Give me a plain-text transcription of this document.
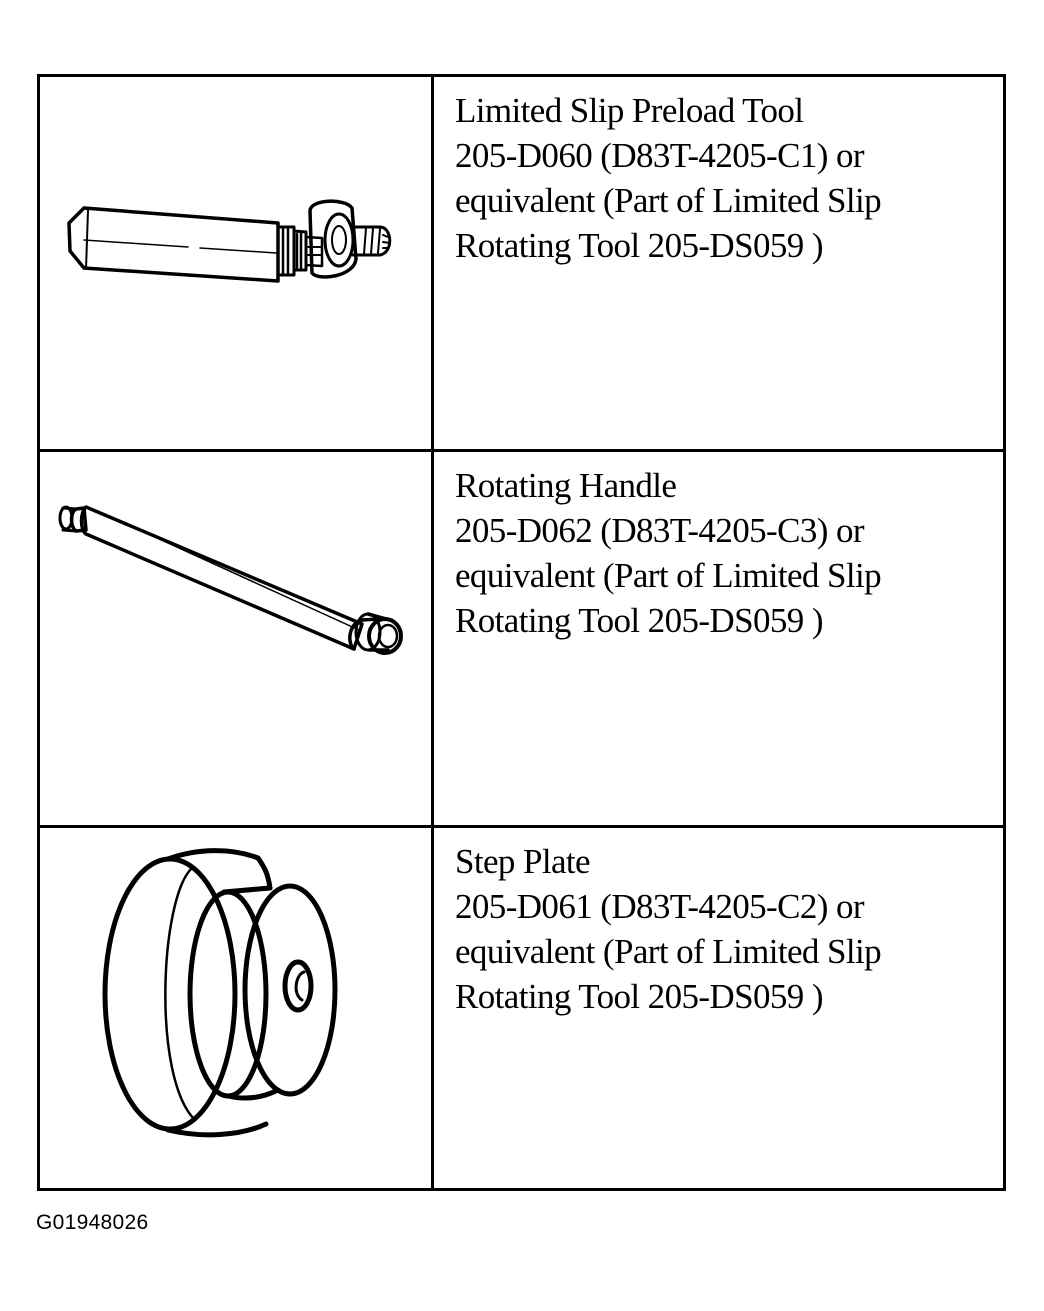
Limited Slip Preload Tool
205-D060 (D83T-4205-C1) or
equivalent (Part of Limited Slip
Rotating Tool 205-DS059 )
Rotating Handle
205-D062 (D83T-4205-C3) or
equivalent (Part of Limited Slip
Rotating Tool 205-DS059 )
Step Plate
205-D061 (D83T-4205-C2) or
equivalent (Part of Limited Slip
Rotating Tool 205-DS059 )
G01948026
